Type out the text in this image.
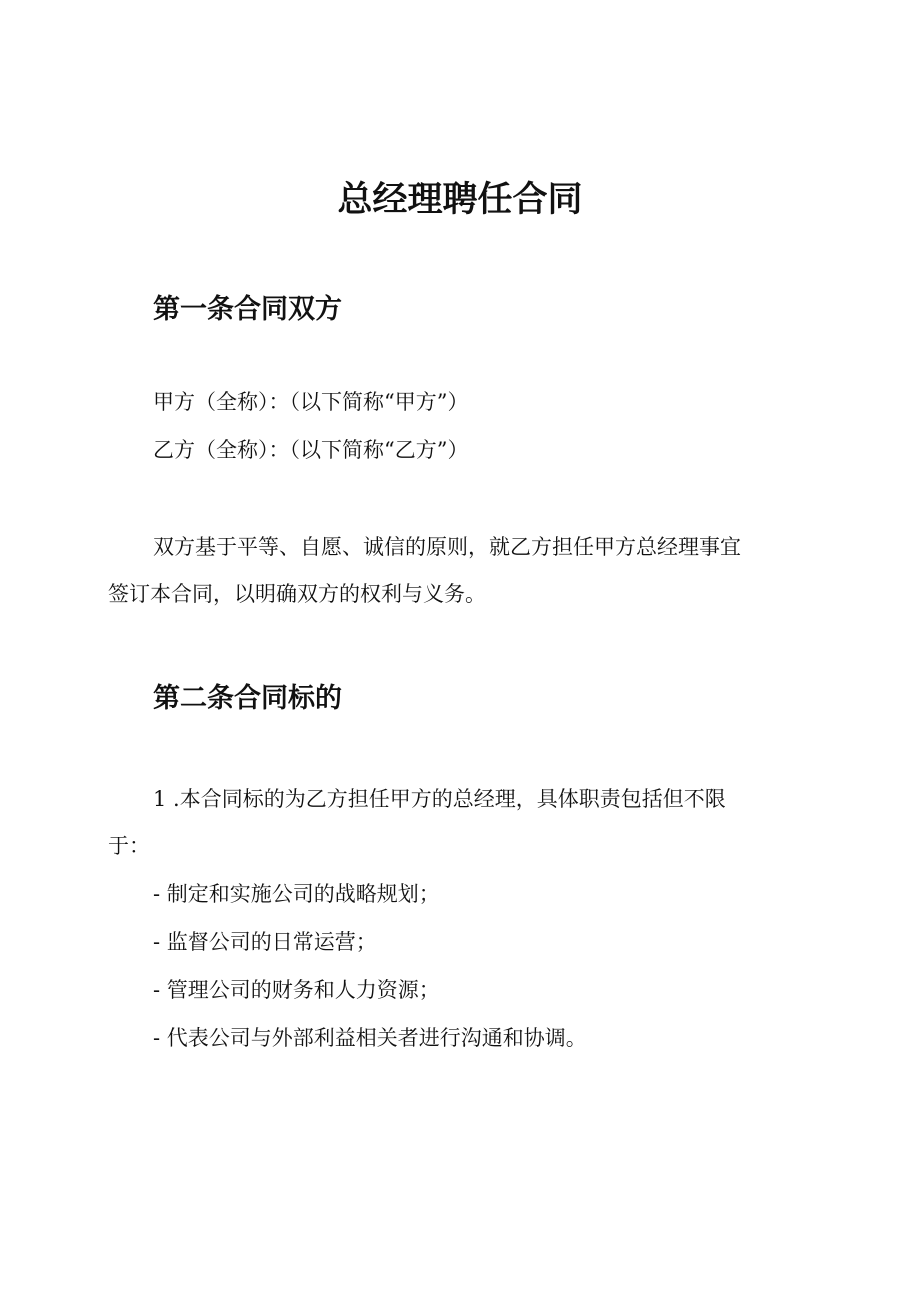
总经理聘任合同
第一条合同双方
甲方（全称）：（以下简称“甲方”）
乙方（全称）：（以下简称“乙方”）
双方基于平等、自愿、诚信的原则，就乙方担任甲方总经理事宜
签订本合同，以明确双方的权利与义务。
第二条合同标的
1 .本合同标的为乙方担任甲方的总经理，具体职责包括但不限
于：
- 制定和实施公司的战略规划；
- 监督公司的日常运营；
- 管理公司的财务和人力资源；
- 代表公司与外部利益相关者进行沟通和协调。
